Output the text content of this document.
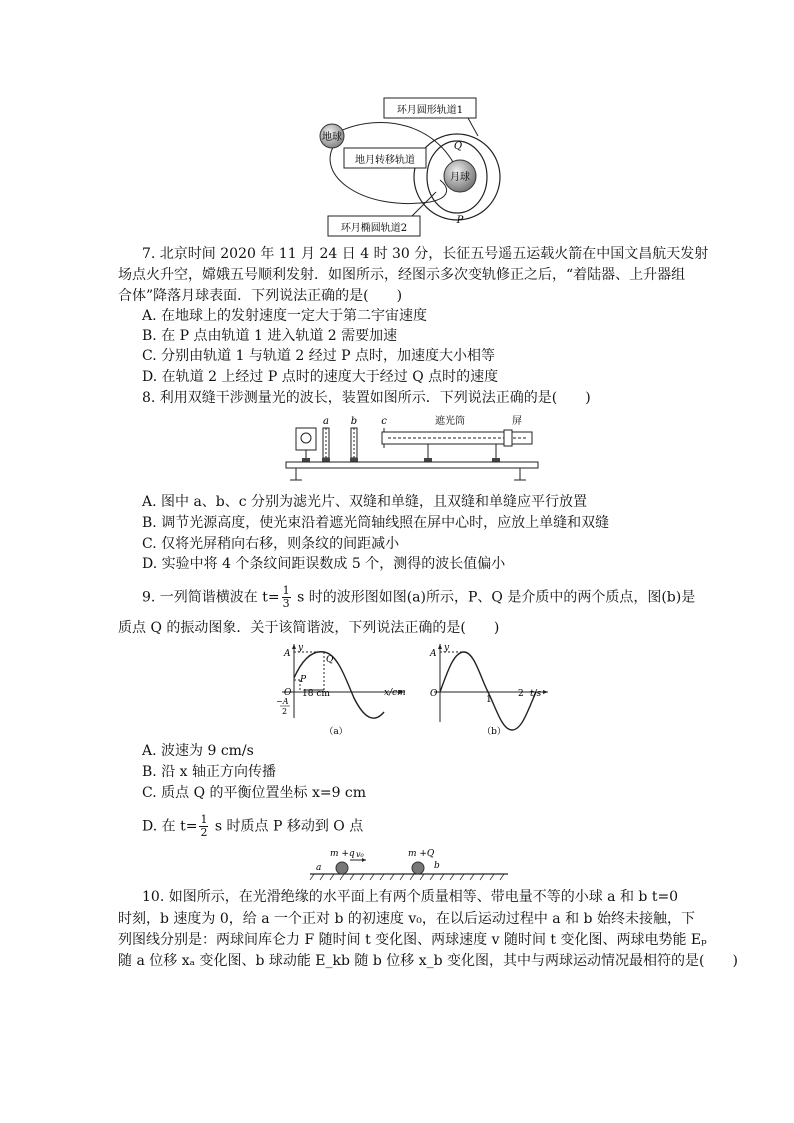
环月圆形轨道1
地球
地月转移轨道
月球
环月椭圆轨道2
Q
P
7. 北京时间 2020 年 11 月 24 日 4 时 30 分，长征五号遥五运载火箭在中国文昌航天发射
场点火升空，嫦娥五号顺利发射．如图所示，经图示多次变轨修正之后，“着陆器、上升器组
合体”降落月球表面．下列说法正确的是(　　)
A. 在地球上的发射速度一定大于第二宇宙速度
B. 在 P 点由轨道 1 进入轨道 2 需要加速
C. 分别由轨道 1 与轨道 2 经过 P 点时，加速度大小相等
D. 在轨道 2 上经过 P 点时的速度大于经过 Q 点时的速度
8. 利用双缝干涉测量光的波长，装置如图所示．下列说法正确的是(　　)
a b c	遮光筒	屏
A. 图中 a、b、c 分别为滤光片、双缝和单缝，且双缝和单缝应平行放置
B. 调节光源高度，使光束沿着遮光筒轴线照在屏中心时，应放上单缝和双缝
C. 仅将光屏稍向右移，则条纹的间距减小
D. 实验中将 4 个条纹间距误数成 5 个，测得的波长值偏小
9. 一列简谐横波在 $t= \frac{1}{3}$ s 时的波形图如图(a)所示，P、Q 是介质中的两个质点，图(b)是
质点 Q 的振动图象．关于该简谐波，下列说法正确的是(　　)
y
A
Q
P
O
−A
2
18 cm	x/cm
（a）
y
A
O
1
2 t/s
（b）
A. 波速为 9 cm/s
B. 沿 x 轴正方向传播
C. 质点 Q 的平衡位置坐标 x=9 cm
D. 在 $t= \frac{1}{2}$ s 时质点 P 移动到 O 点
m +q	m +Q
v₀
a	b
10. 如图所示，在光滑绝缘的水平面上有两个质量相等、带电量不等的小球 a 和 b t=0
时刻，b 速度为 0，给 a 一个正对 b 的初速度 v₀，在以后运动过程中 a 和 b 始终未接触，下
列图线分别是：两球间库仑力 F 随时间 t 变化图、两球速度 v 随时间 t 变化图、两球电势能 Eₚ
随 a 位移 xₐ 变化图、b 球动能 E_kb 随 b 位移 x_b 变化图，其中与两球运动情况最相符的是(　　)
